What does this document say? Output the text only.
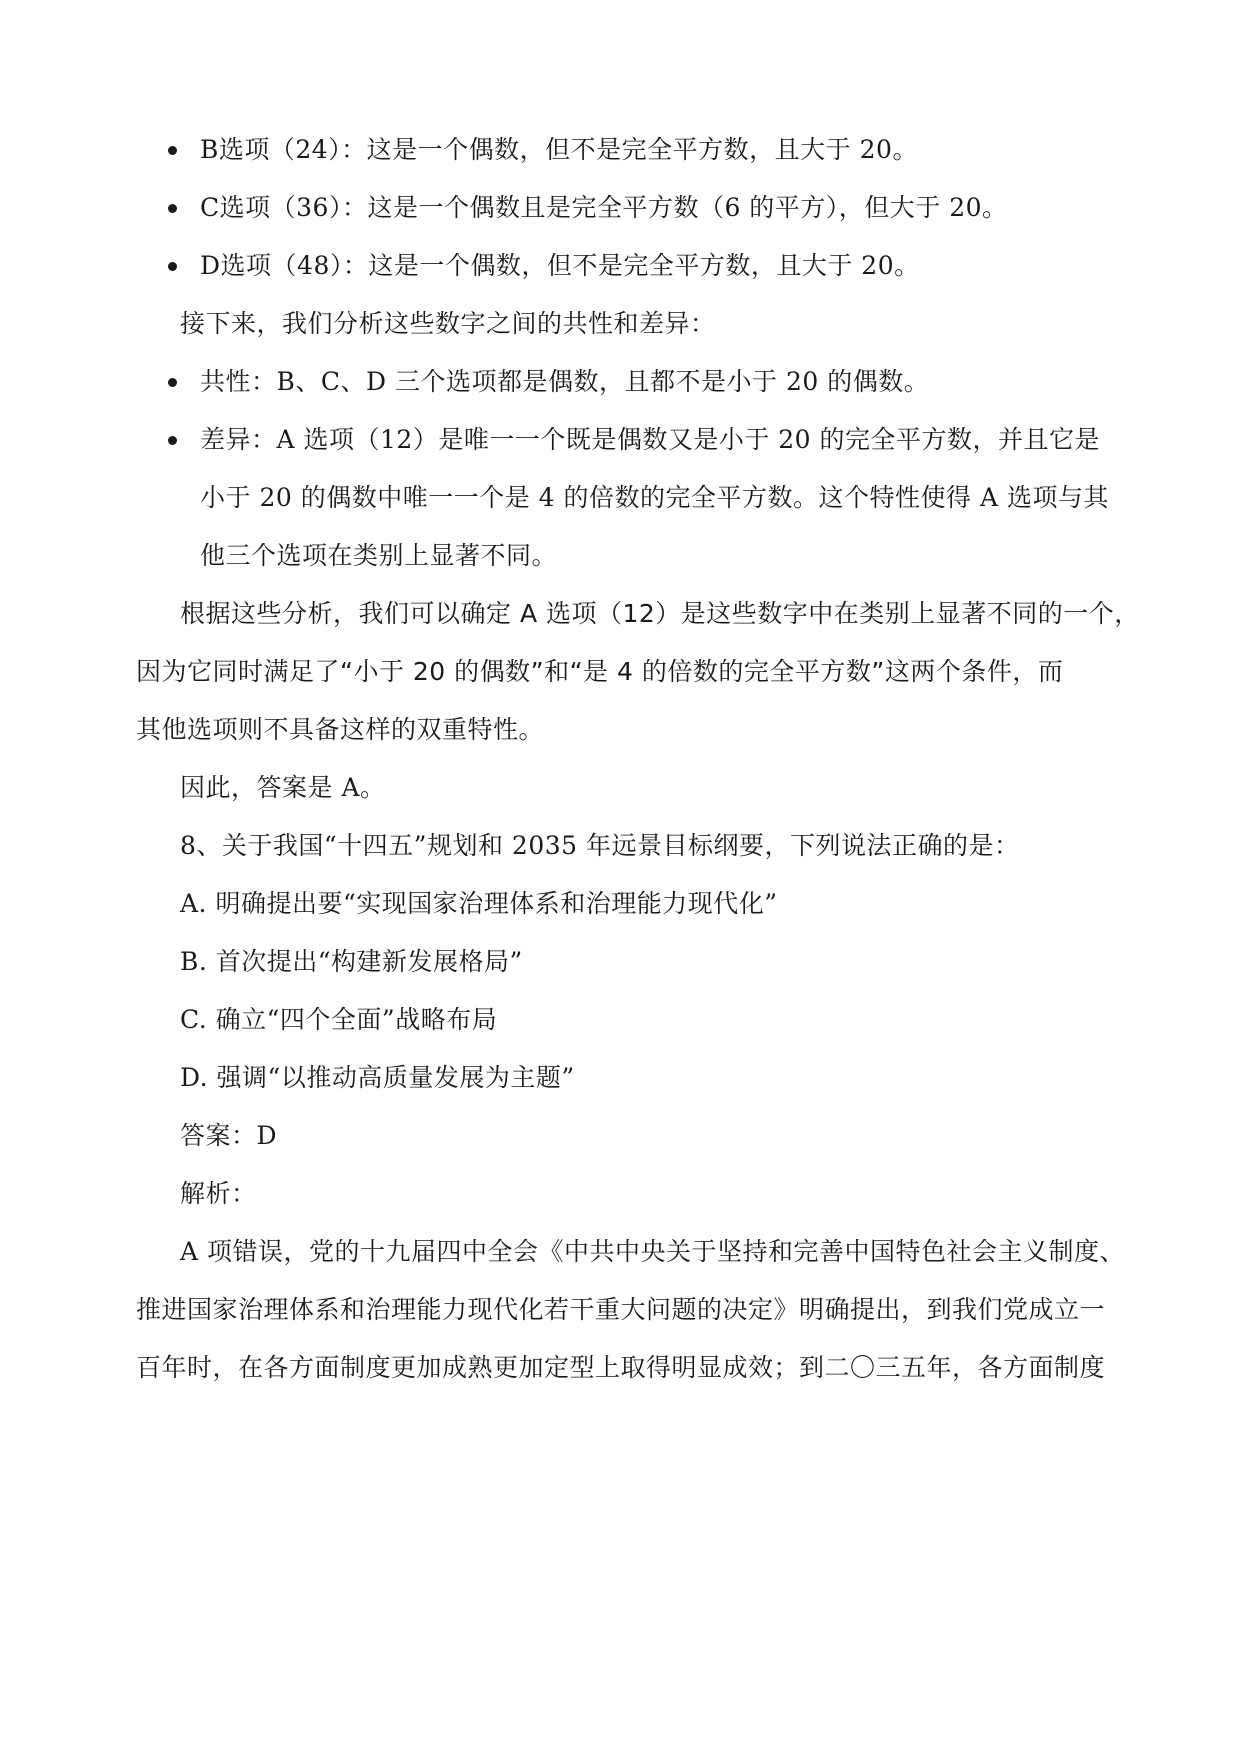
B选项（24）：这是一个偶数，但不是完全平方数，且大于 20。
C选项（36）：这是一个偶数且是完全平方数（6 的平方），但大于 20。
D选项（48）：这是一个偶数，但不是完全平方数，且大于 20。
接下来，我们分析这些数字之间的共性和差异：
共性：B、C、D 三个选项都是偶数，且都不是小于 20 的偶数。
差异：A 选项（12）是唯一一个既是偶数又是小于 20 的完全平方数，并且它是
小于 20 的偶数中唯一一个是 4 的倍数的完全平方数。这个特性使得 A 选项与其
他三个选项在类别上显著不同。
根据这些分析，我们可以确定 A 选项（12）是这些数字中在类别上显著不同的一个，
因为它同时满足了“小于 20 的偶数”和“是 4 的倍数的完全平方数”这两个条件，而
其他选项则不具备这样的双重特性。
因此，答案是 A。
8、关于我国“十四五”规划和 2035 年远景目标纲要，下列说法正确的是：
A. 明确提出要“实现国家治理体系和治理能力现代化”
B. 首次提出“构建新发展格局”
C. 确立“四个全面”战略布局
D. 强调“以推动高质量发展为主题”
答案：D
解析：
A 项错误，党的十九届四中全会《中共中央关于坚持和完善中国特色社会主义制度、
推进国家治理体系和治理能力现代化若干重大问题的决定》明确提出，到我们党成立一
百年时，在各方面制度更加成熟更加定型上取得明显成效；到二〇三五年，各方面制度
